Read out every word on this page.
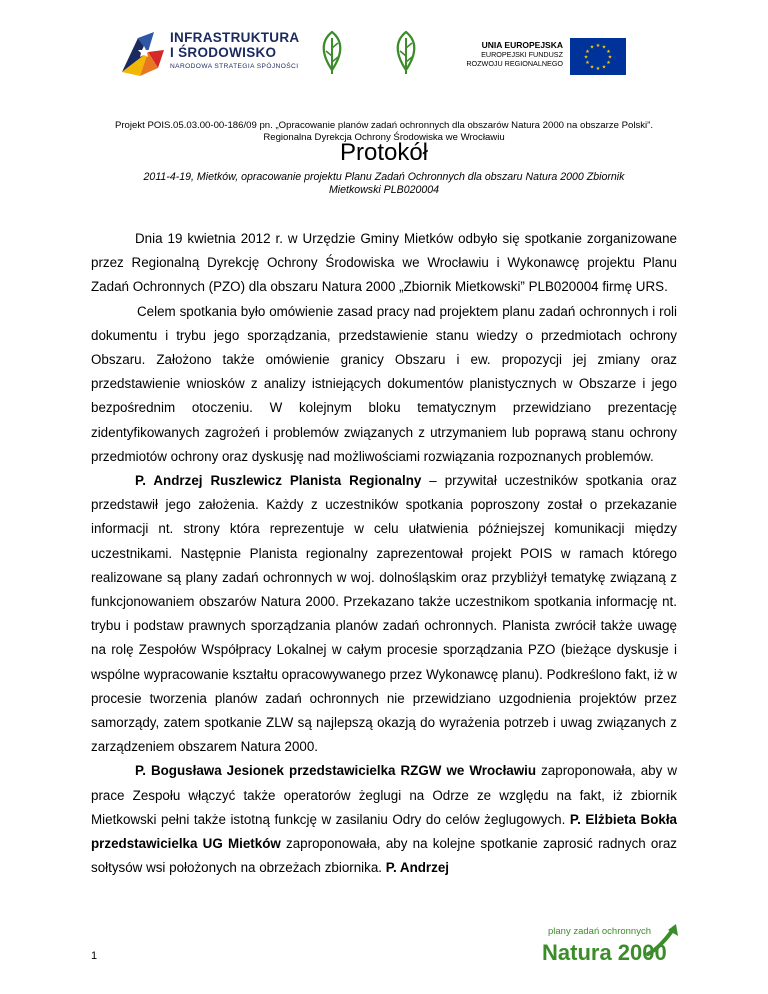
INFRASTRUKTURA
I ŚRODOWISKO
NARODOWA STRATEGIA SPÓJNOŚCI
UNIA EUROPEJSKA
EUROPEJSKI FUNDUSZ
ROZWOJU REGIONALNEGO
★ ★
★
★
★
★
★
★
★
★
★
★
Projekt POIS.05.03.00-00-186/09 pn. „Opracowanie planów zadań ochronnych dla obszarów Natura 2000 na obszarze Polski”.
Regionalna Dyrekcja Ochrony Środowiska we Wrocławiu
Protokół
2011-4-19, Mietków, opracowanie projektu Planu Zadań Ochronnych dla obszaru Natura 2000 Zbiornik
Mietkowski PLB020004

Dnia 19 kwietnia 2012 r. w Urzędzie Gminy Mietków odbyło się spotkanie zorganizowane przez Regionalną Dyrekcję Ochrony Środowiska we Wrocławiu i Wykonawcę projektu Planu Zadań Ochronnych (PZO) dla obszaru Natura 2000 „Zbiornik Mietkowski” PLB020004 firmę URS.

Celem spotkania było omówienie zasad pracy nad projektem planu zadań ochronnych i roli dokumentu i trybu jego sporządzania, przedstawienie stanu wiedzy o przedmiotach ochrony Obszaru. Założono także omówienie granicy Obszaru i ew. propozycji jej zmiany oraz przedstawienie wniosków z analizy istniejących dokumentów planistycznych w Obszarze i jego bezpośrednim otoczeniu. W kolejnym bloku tematycznym przewidziano prezentację zidentyfikowanych zagrożeń i problemów związanych z utrzymaniem lub poprawą stanu ochrony przedmiotów ochrony oraz dyskusję nad możliwościami rozwiązania rozpoznanych problemów.

P. Andrzej Ruszlewicz Planista Regionalny – przywitał uczestników spotkania oraz przedstawił jego założenia. Każdy z uczestników spotkania poproszony został o przekazanie informacji nt. strony która reprezentuje w celu ułatwienia późniejszej komunikacji między uczestnikami. Następnie Planista regionalny zaprezentował projekt POIS w ramach którego realizowane są plany zadań ochronnych w woj. dolnośląskim oraz przybliżył tematykę związaną z funkcjonowaniem obszarów Natura 2000. Przekazano także uczestnikom spotkania informację nt. trybu i podstaw prawnych sporządzania planów zadań ochronnych. Planista zwrócił także uwagę na rolę Zespołów Współpracy Lokalnej w całym procesie sporządzania PZO (bieżące dyskusje i wspólne wypracowanie kształtu opracowywanego przez Wykonawcę planu). Podkreślono fakt, iż w procesie tworzenia planów zadań ochronnych nie przewidziano uzgodnienia projektów przez samorządy, zatem spotkanie ZLW są najlepszą okazją do wyrażenia potrzeb i uwag związanych z zarządzeniem obszarem Natura 2000.

P. Bogusława Jesionek przedstawicielka RZGW we Wrocławiu zaproponowała, aby w prace Zespołu włączyć także operatorów żeglugi na Odrze ze względu na fakt, iż zbiornik Mietkowski pełni także istotną funkcję w zasilaniu Odry do celów żeglugowych. P. Elżbieta Bokła przedstawicielka UG Mietków zaproponowała, aby na kolejne spotkanie zaprosić radnych oraz sołtysów wsi położonych na obrzeżach zbiornika. P. Andrzej

1
plany zadań ochronnych
Natura 2000
